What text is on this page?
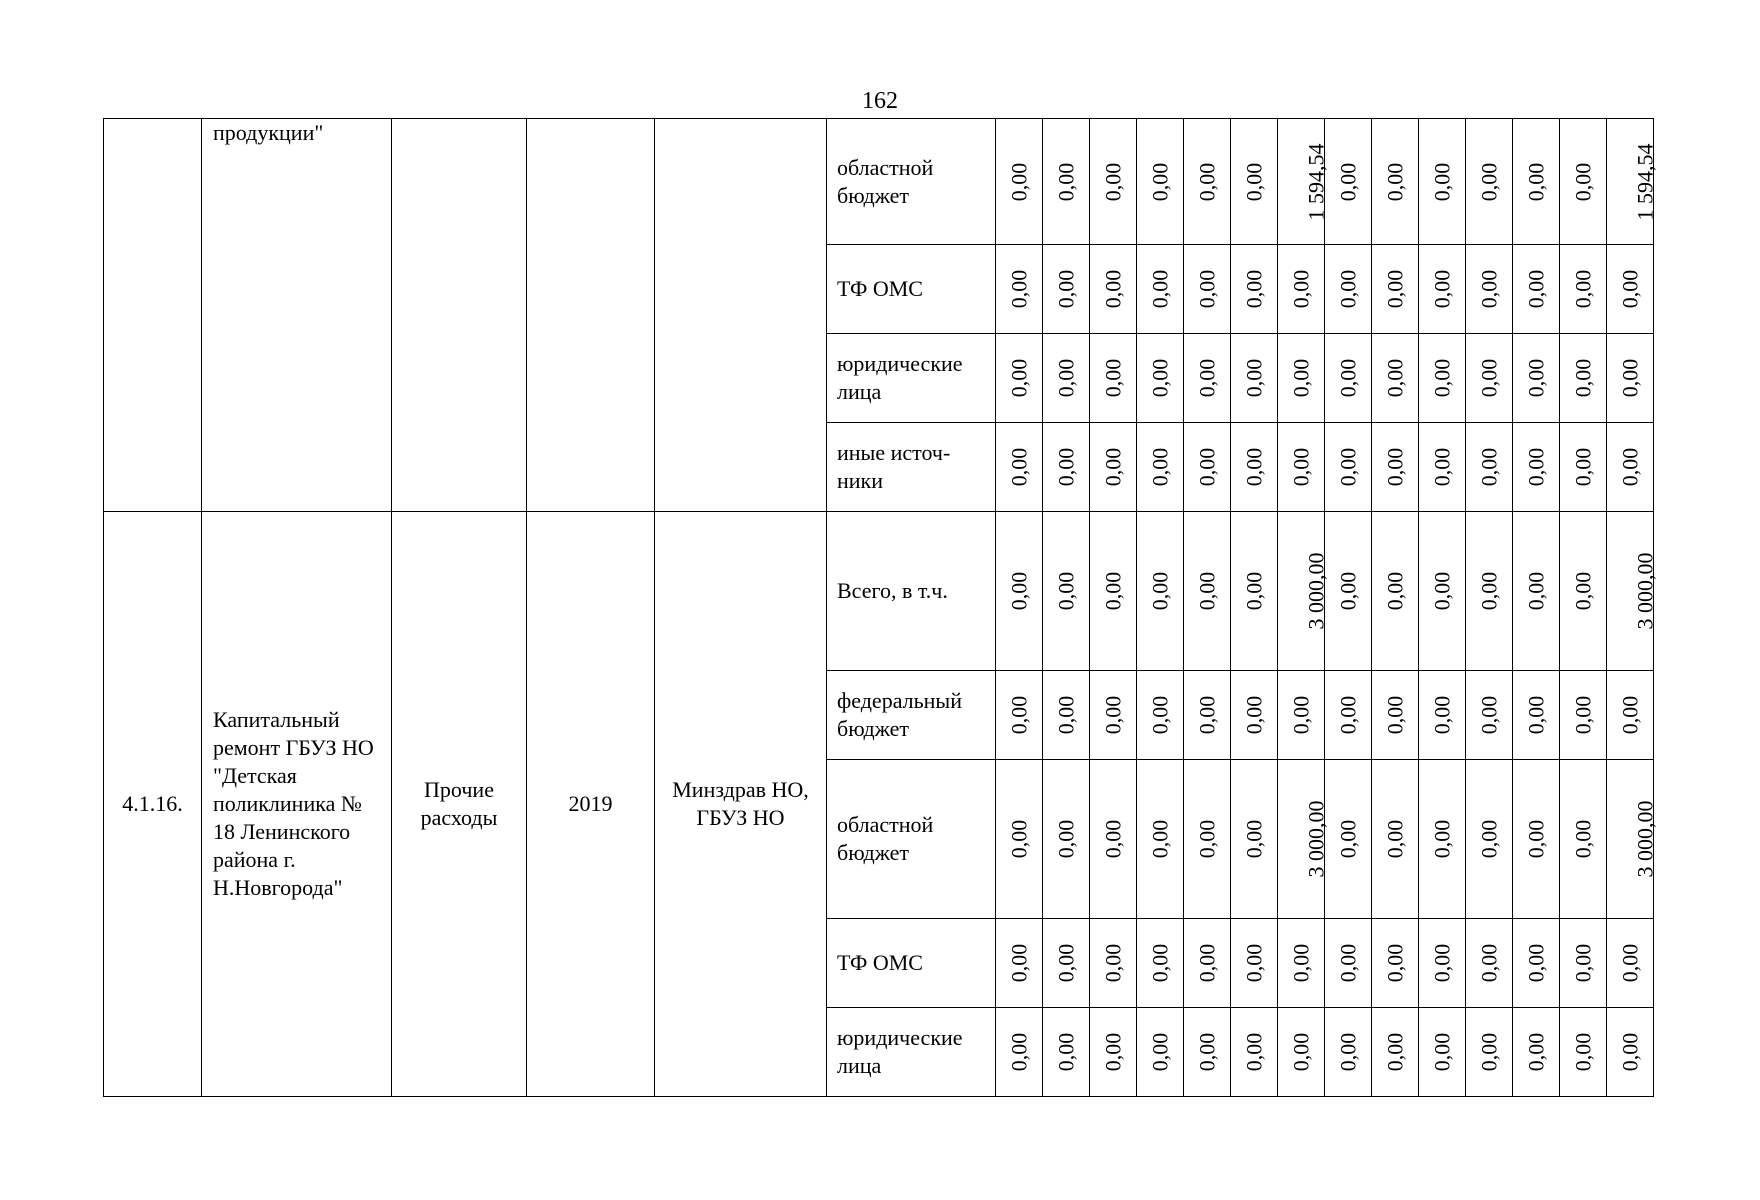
162
	продукции"				областной бюджет	0,00	0,00	0,00	0,00	0,00	0,00	1 594,54	0,00	0,00	0,00	0,00	0,00	0,00	1 594,54
					ТФ ОМС	0,00	0,00	0,00	0,00	0,00	0,00	0,00	0,00	0,00	0,00	0,00	0,00	0,00	0,00
					юридические лица	0,00	0,00	0,00	0,00	0,00	0,00	0,00	0,00	0,00	0,00	0,00	0,00	0,00	0,00
					иные источ-ники	0,00	0,00	0,00	0,00	0,00	0,00	0,00	0,00	0,00	0,00	0,00	0,00	0,00	0,00
4.1.16.	Капитальный ремонт ГБУЗ НО "Детская поликлиника № 18 Ленинского района г. Н.Новгорода"	Прочие расходы	2019	Минздрав НО, ГБУЗ НО	Всего, в т.ч.	0,00	0,00	0,00	0,00	0,00	0,00	3 000,00	0,00	0,00	0,00	0,00	0,00	0,00	3 000,00
					федеральный бюджет	0,00	0,00	0,00	0,00	0,00	0,00	0,00	0,00	0,00	0,00	0,00	0,00	0,00	0,00
					областной бюджет	0,00	0,00	0,00	0,00	0,00	0,00	3 000,00	0,00	0,00	0,00	0,00	0,00	0,00	3 000,00
					ТФ ОМС	0,00	0,00	0,00	0,00	0,00	0,00	0,00	0,00	0,00	0,00	0,00	0,00	0,00	0,00
					юридические лица	0,00	0,00	0,00	0,00	0,00	0,00	0,00	0,00	0,00	0,00	0,00	0,00	0,00	0,00
